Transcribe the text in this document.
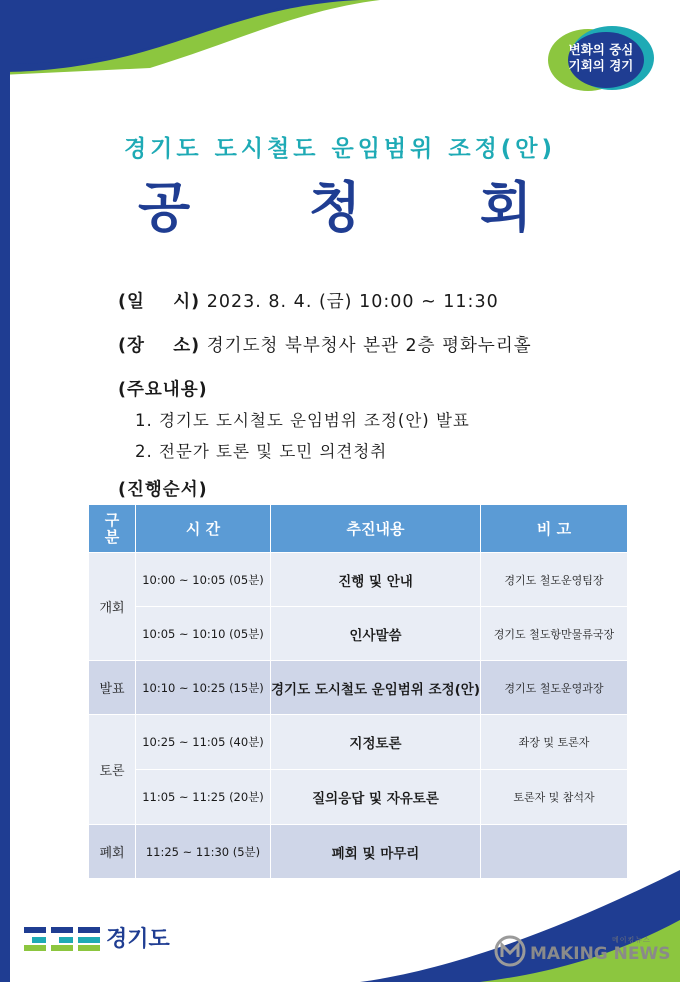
변화의 중심
기회의 경기
경기도 도시철도 운임범위 조정(안)
공 청 회
(일    시) 2023. 8. 4. (금) 10:00 ~ 11:30
(장    소) 경기도청 북부청사 본관 2층 평화누리홀
(주요내용)
1. 경기도 도시철도 운임범위 조정(안) 발표
2. 전문가 토론 및 도민 의견청취
(진행순서)
구분	시 간	추진내용	비 고
개회	10:00 ~ 10:05 (05분)	진행 및 안내	경기도 철도운영팀장
	10:05 ~ 10:10 (05분)	인사말씀	경기도 철도항만물류국장
발표	10:10 ~ 10:25 (15분)	경기도 도시철도 운임범위 조정(안)	경기도 철도운영과장
토론	10:25 ~ 11:05 (40분)	지정토론	좌장 및 토론자
	11:05 ~ 11:25 (20분)	질의응답 및 자유토론	토론자 및 참석자
폐회	11:25 ~ 11:30 (5분)	폐회 및 마무리	
경기도	메이킹뉴스
MAKING NEWS
